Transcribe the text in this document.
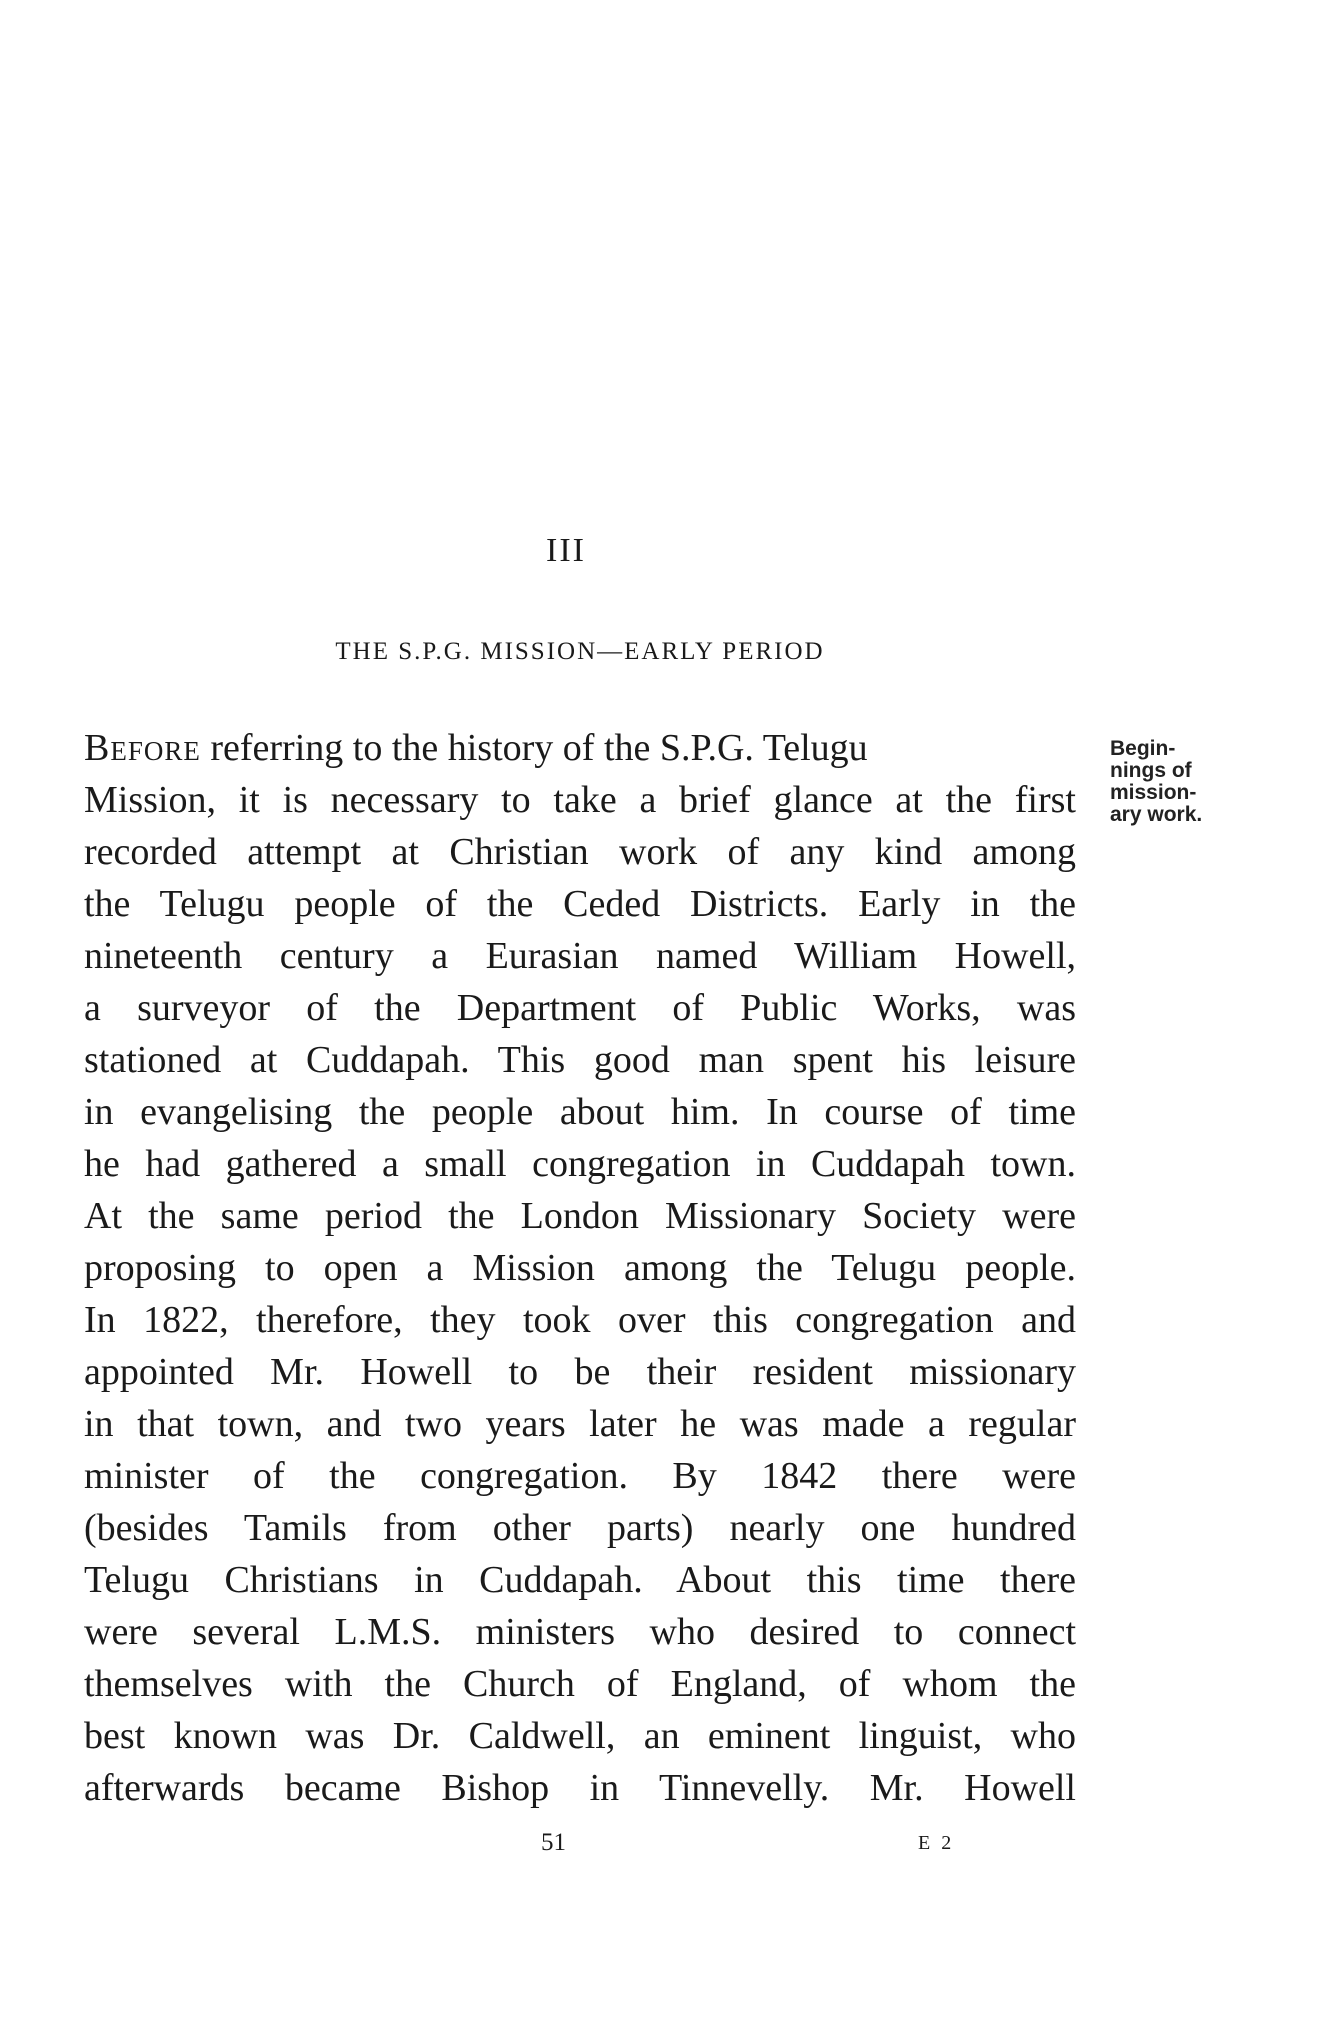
III
THE S.P.G. MISSION—EARLY PERIOD
Before referring to the history of the S.P.G. Telugu
Mission, it is necessary to take a brief glance at the first
recorded attempt at Christian work of any kind among
the Telugu people of the Ceded Districts. Early in the
nineteenth century a Eurasian named William Howell,
a surveyor of the Department of Public Works, was
stationed at Cuddapah. This good man spent his leisure
in evangelising the people about him. In course of time
he had gathered a small congregation in Cuddapah town.
At the same period the London Missionary Society were
proposing to open a Mission among the Telugu people.
In 1822, therefore, they took over this congregation and
appointed Mr. Howell to be their resident missionary
in that town, and two years later he was made a regular
minister of the congregation. By 1842 there were
(besides Tamils from other parts) nearly one hundred
Telugu Christians in Cuddapah. About this time there
were several L.M.S. ministers who desired to connect
themselves with the Church of England, of whom the
best known was Dr. Caldwell, an eminent linguist, who
afterwards became Bishop in Tinnevelly. Mr. Howell
Begin-
nings of
mission-
ary work.
51	E 2
